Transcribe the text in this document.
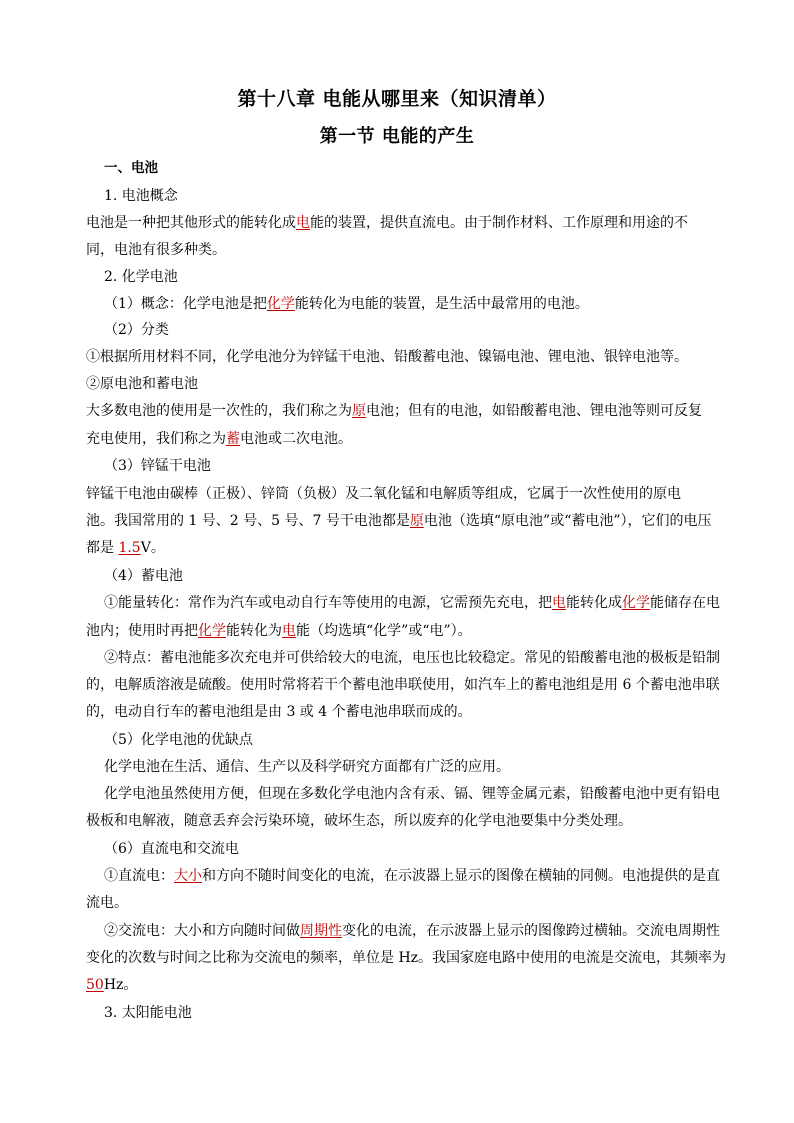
第十八章 电能从哪里来（知识清单）
第一节 电能的产生
一、电池
1. 电池概念
电池是一种把其他形式的能转化成电能的装置，提供直流电。由于制作材料、工作原理和用途的不
同，电池有很多种类。
2. 化学电池
（1）概念：化学电池是把化学能转化为电能的装置，是生活中最常用的电池。
（2）分类
①根据所用材料不同，化学电池分为锌锰干电池、铅酸蓄电池、镍镉电池、锂电池、银锌电池等。
②原电池和蓄电池
大多数电池的使用是一次性的，我们称之为原电池；但有的电池，如铅酸蓄电池、锂电池等则可反复
充电使用，我们称之为蓄电池或二次电池。
（3）锌锰干电池
锌锰干电池由碳棒（正极）、锌筒（负极）及二氧化锰和电解质等组成，它属于一次性使用的原电
池。我国常用的 1 号、2 号、5 号、7 号干电池都是原电池（选填“原电池”或“蓄电池”），它们的电压
都是 1.5V。
（4）蓄电池
①能量转化：常作为汽车或电动自行车等使用的电源，它需预先充电，把电能转化成化学能储存在电
池内；使用时再把化学能转化为电能（均选填“化学”或“电”）。
②特点：蓄电池能多次充电并可供给较大的电流，电压也比较稳定。常见的铅酸蓄电池的极板是铅制
的，电解质溶液是硫酸。使用时常将若干个蓄电池串联使用，如汽车上的蓄电池组是用 6 个蓄电池串联
的，电动自行车的蓄电池组是由 3 或 4 个蓄电池串联而成的。
（5）化学电池的优缺点
化学电池在生活、通信、生产以及科学研究方面都有广泛的应用。
化学电池虽然使用方便，但现在多数化学电池内含有汞、镉、锂等金属元素，铅酸蓄电池中更有铅电
极板和电解液，随意丢弃会污染环境，破坏生态，所以废弃的化学电池要集中分类处理。
（6）直流电和交流电
①直流电：大小和方向不随时间变化的电流，在示波器上显示的图像在横轴的同侧。电池提供的是直
流电。
②交流电：大小和方向随时间做周期性变化的电流，在示波器上显示的图像跨过横轴。交流电周期性
变化的次数与时间之比称为交流电的频率，单位是 Hz。我国家庭电路中使用的电流是交流电，其频率为
50Hz。
3. 太阳能电池
